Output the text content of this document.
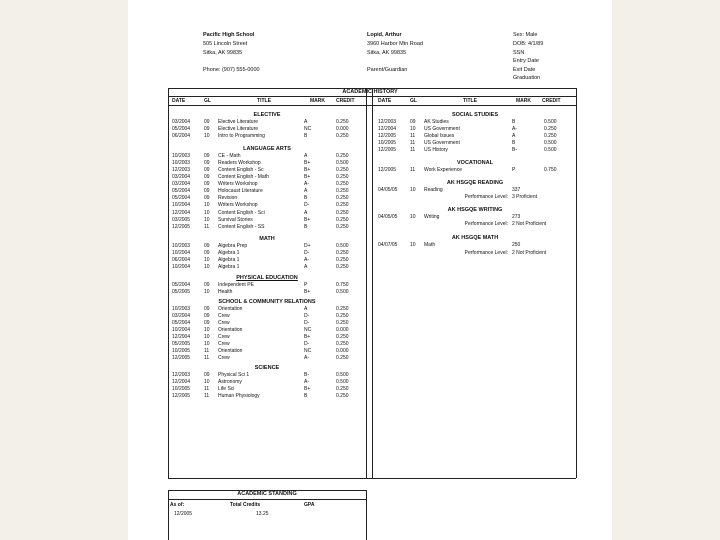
Pacific High School
505 Lincoln Street
Sitka, AK 99835
Phone: (907) 555-0000
Lopid, Arthur
3960 Harbor Mtn Road
Sitka, AK 99835
Parent/Guardian
Sex: Male
DOB: 4/1/89
SSN
Entry Date
Exit Date
Graduation
ACADEMIC HISTORY
DATE	GL	TITLE	MARK	CREDIT	DATE	GL	TITLE	MARK	CREDIT
ELECTIVE
03/2004	09	Elective Literature	A	0.250
05/2004	09	Elective Literature	NC	0.000
06/2004	10	Intro to Programming	B	0.250
LANGUAGE ARTS
10/2003	09	CE - Math	A	0.250
10/2003	09	Readers Workshop	B+	0.500
12/2003	09	Content English - Sc	B+	0.250
03/2004	09	Content English - Math	B+	0.250
03/2004	09	Writers Workshop	A-	0.250
05/2004	09	Holocaust Literature	A	0.250
05/2004	09	Revision	B	0.250
10/2004	10	Writers Workshop	D-	0.250
12/2004	10	Content English - Sci	A	0.250
03/2005	10	Survival Stories	B+	0.250
12/2005	11	Content English - SS	B	0.250
MATH
10/2003	09	Algebra Prep	D+	0.500
10/2004	09	Algebra 1	D-	0.250
06/2004	10	Algebra 1	A-	0.250
10/2004	10	Algebra 1	A	0.250
PHYSICAL EDUCATION
05/2004	09	Independent PE	P	0.750
05/2005	10	Health	B+	0.500
SCHOOL & COMMUNITY RELATIONS
10/2003	09	Orientation	A	0.250
03/2004	09	Crew	D-	0.250
05/2004	09	Crew	D-	0.250
10/2004	10	Orientation	NC	0.000
12/2004	10	Crew	B+	0.250
05/2005	10	Crew	D-	0.250
10/2005	11	Orientation	NC	0.000
12/2005	11	Crew	A-	0.250
SCIENCE
12/2003	09	Physical Sci 1	B-	0.500
12/2004	10	Astronomy	A-	0.500
10/2005	11	Life Sci	B+	0.250
12/2005	11	Human Physiology	B	0.250
SOCIAL STUDIES
12/2003	09	AK Studies	B	0.500
12/2004	10	US Government	A-	0.250
12/2005	11	Global Issues	A	0.250
10/2005	11	US Government	B	0.500
12/2005	11	US History	B-	0.500
VOCATIONAL
12/2005	11	Work Experience	P	0.750
AK HSGQE READING
04/05/05	10	Reading	337
Performance Level: 3 Proficient
AK HSGQE WRITING
04/05/05	10	Writing	273
Performance Level: 2 Not Proficient
AK HSGQE MATH
04/07/05	10	Math	250
Performance Level: 2 Not Proficient
ACADEMIC STANDING
As of:	Total Credits	GPA
12/2005	13.25
